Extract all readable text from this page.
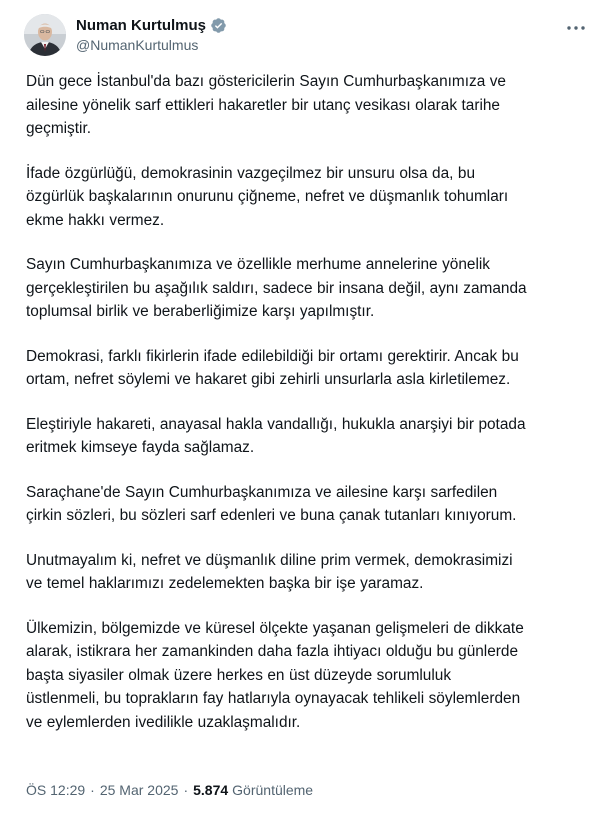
Numan Kurtulmuş
@NumanKurtulmus

Dün gece İstanbul'da bazı göstericilerin Sayın Cumhurbaşkanımıza ve
ailesine yönelik sarf ettikleri hakaretler bir utanç vesikası olarak tarihe
geçmiştir.

İfade özgürlüğü, demokrasinin vazgeçilmez bir unsuru olsa da, bu
özgürlük başkalarının onurunu çiğneme, nefret ve düşmanlık tohumları
ekme hakkı vermez.

Sayın Cumhurbaşkanımıza ve özellikle merhume annelerine yönelik
gerçekleştirilen bu aşağılık saldırı, sadece bir insana değil, aynı zamanda
toplumsal birlik ve beraberliğimize karşı yapılmıştır.

Demokrasi, farklı fikirlerin ifade edilebildiği bir ortamı gerektirir. Ancak bu
ortam, nefret söylemi ve hakaret gibi zehirli unsurlarla asla kirletilemez.

Eleştiriyle hakareti, anayasal hakla vandallığı, hukukla anarşiyi bir potada
eritmek kimseye fayda sağlamaz.

Saraçhane'de Sayın Cumhurbaşkanımıza ve ailesine karşı sarfedilen
çirkin sözleri, bu sözleri sarf edenleri ve buna çanak tutanları kınıyorum.

Unutmayalım ki, nefret ve düşmanlık diline prim vermek, demokrasimizi
ve temel haklarımızı zedelemekten başka bir işe yaramaz.

Ülkemizin, bölgemizde ve küresel ölçekte yaşanan gelişmeleri de dikkate
alarak, istikrara her zamankinden daha fazla ihtiyacı olduğu bu günlerde
başta siyasiler olmak üzere herkes en üst düzeyde sorumluluk
üstlenmeli, bu toprakların fay hatlarıyla oynayacak tehlikeli söylemlerden
ve eylemlerden ivedilikle uzaklaşmalıdır.

ÖS 12:29 · 25 Mar 2025 · 5.874 Görüntüleme
